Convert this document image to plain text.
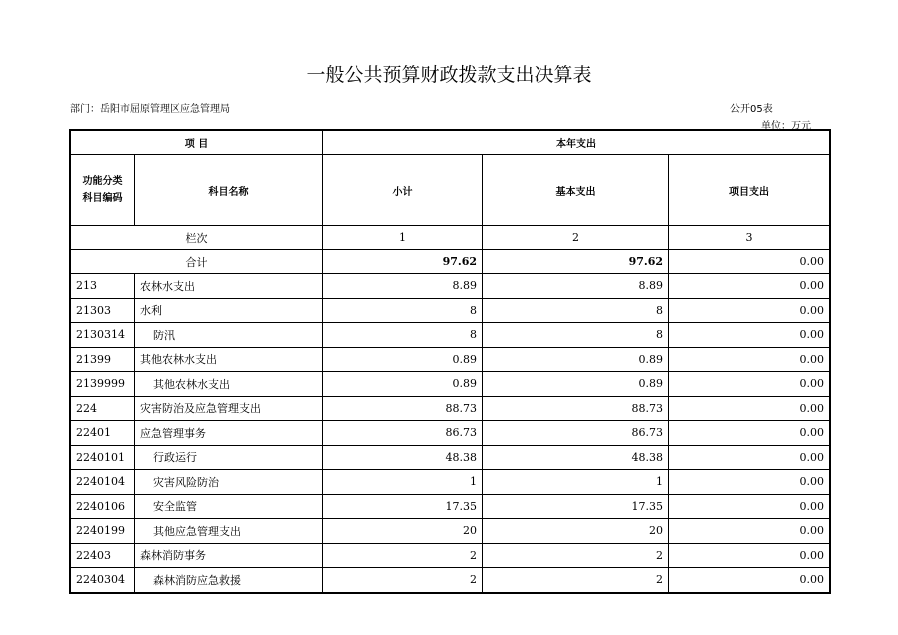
一般公共预算财政拨款支出决算表
部门：岳阳市屈原管理区应急管理局	公开05表
单位：万元
项 目		本年支出		
功能分类
科目编码	科目名称	小计	基本支出	项目支出
栏次		1	2	3
合计		97.62	97.62	0.00
213	农林水支出	8.89	8.89	0.00
21303	水利	8	8	0.00
2130314	防汛	8	8	0.00
21399	其他农林水支出	0.89	0.89	0.00
2139999	其他农林水支出	0.89	0.89	0.00
224	灾害防治及应急管理支出	88.73	88.73	0.00
22401	应急管理事务	86.73	86.73	0.00
2240101	行政运行	48.38	48.38	0.00
2240104	灾害风险防治	1	1	0.00
2240106	安全监管	17.35	17.35	0.00
2240199	其他应急管理支出	20	20	0.00
22403	森林消防事务	2	2	0.00
2240304	森林消防应急救援	2	2	0.00
